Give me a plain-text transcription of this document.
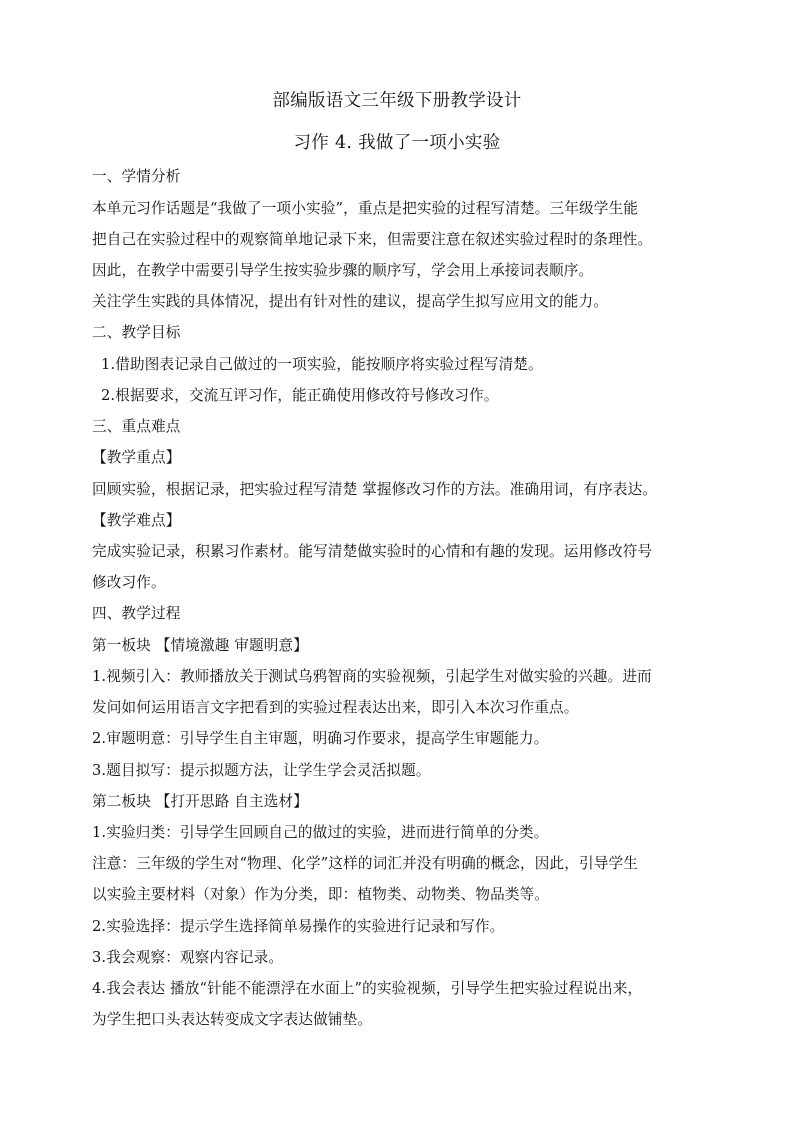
部编版语文三年级下册教学设计
习作 4. 我做了一项小实验
一、学情分析
本单元习作话题是“我做了一项小实验”，重点是把实验的过程写清楚。三年级学生能
把自己在实验过程中的观察简单地记录下来，但需要注意在叙述实验过程时的条理性。
因此，在教学中需要引导学生按实验步骤的顺序写，学会用上承接词表顺序。
关注学生实践的具体情况，提出有针对性的建议，提高学生拟写应用文的能力。
二、教学目标
1.借助图表记录自己做过的一项实验，能按顺序将实验过程写清楚。
2.根据要求，交流互评习作，能正确使用修改符号修改习作。
三、重点难点
【教学重点】
回顾实验，根据记录，把实验过程写清楚 掌握修改习作的方法。准确用词，有序表达。
【教学难点】
完成实验记录，积累习作素材。能写清楚做实验时的心情和有趣的发现。运用修改符号
修改习作。
四、教学过程
第一板块 【情境激趣 审题明意】
1.视频引入：教师播放关于测试乌鸦智商的实验视频，引起学生对做实验的兴趣。进而
发问如何运用语言文字把看到的实验过程表达出来，即引入本次习作重点。
2.审题明意：引导学生自主审题，明确习作要求，提高学生审题能力。
3.题目拟写：提示拟题方法，让学生学会灵活拟题。
第二板块 【打开思路 自主选材】
1.实验归类：引导学生回顾自己的做过的实验，进而进行简单的分类。
注意：三年级的学生对“物理、化学”这样的词汇并没有明确的概念，因此，引导学生
以实验主要材料（对象）作为分类，即：植物类、动物类、物品类等。
2.实验选择：提示学生选择简单易操作的实验进行记录和写作。
3.我会观察：观察内容记录。
4.我会表达 播放“针能不能漂浮在水面上”的实验视频，引导学生把实验过程说出来，
为学生把口头表达转变成文字表达做铺垫。
